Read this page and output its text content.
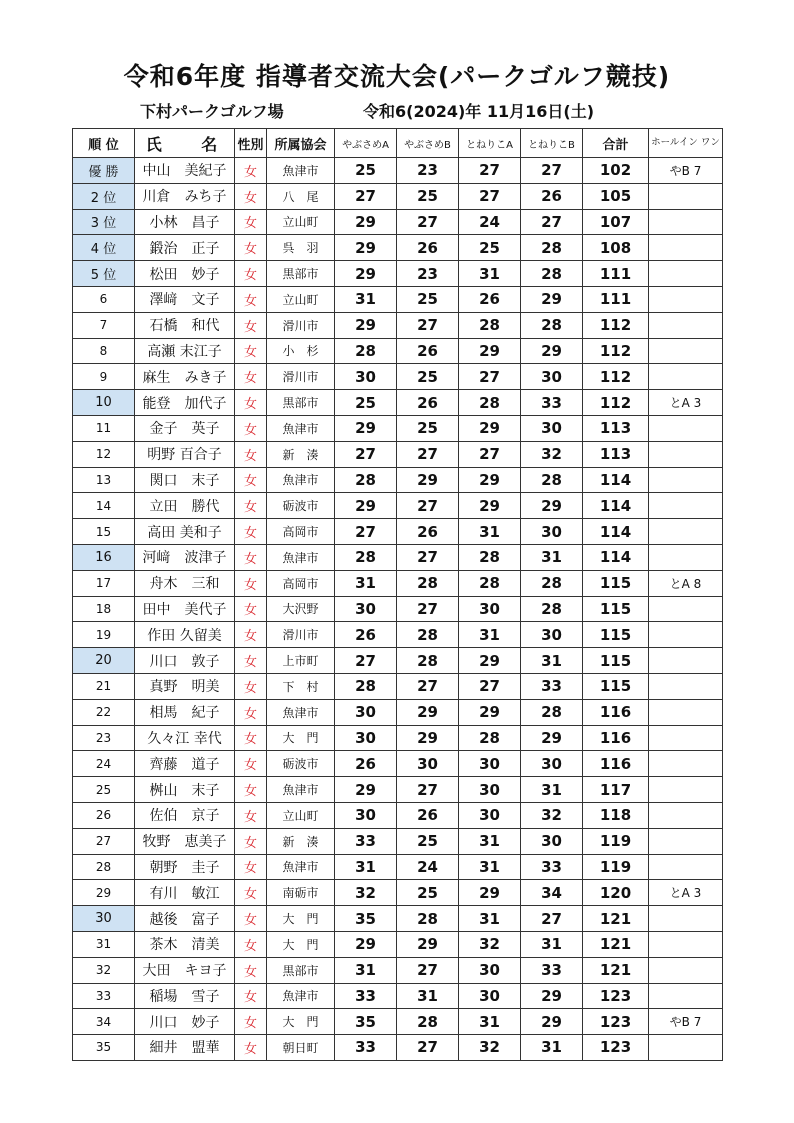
令和6年度 指導者交流大会(パークゴルフ競技)
下村パークゴルフ場	令和6(2024)年 11月16日(土)
順 位	氏　 名	性別	所属協会	やぶさめA	やぶさめB	とねりこA	とねりこB	合計	ホールイン ワン
優 勝	中山　美紀子	女	魚津市	25	23	27	27	102	やB 7
2 位	川倉　みち子	女	八　尾	27	25	27	26	105	
3 位	小林　昌子	女	立山町	29	27	24	27	107	
4 位	鍛治　正子	女	呉　羽	29	26	25	28	108	
5 位	松田　妙子	女	黒部市	29	23	31	28	111	
6	澤﨑　文子	女	立山町	31	25	26	29	111	
7	石橋　和代	女	滑川市	29	27	28	28	112	
8	高瀬 末江子	女	小　杉	28	26	29	29	112	
9	麻生　みき子	女	滑川市	30	25	27	30	112	
10	能登　加代子	女	黒部市	25	26	28	33	112	とA 3
11	金子　英子	女	魚津市	29	25	29	30	113	
12	明野 百合子	女	新　湊	27	27	27	32	113	
13	関口　末子	女	魚津市	28	29	29	28	114	
14	立田　勝代	女	砺波市	29	27	29	29	114	
15	高田 美和子	女	高岡市	27	26	31	30	114	
16	河﨑　波津子	女	魚津市	28	27	28	31	114	
17	舟木　三和	女	高岡市	31	28	28	28	115	とA 8
18	田中　美代子	女	大沢野	30	27	30	28	115	
19	作田 久留美	女	滑川市	26	28	31	30	115	
20	川口　敦子	女	上市町	27	28	29	31	115	
21	真野　明美	女	下　村	28	27	27	33	115	
22	相馬　紀子	女	魚津市	30	29	29	28	116	
23	久々江 幸代	女	大　門	30	29	28	29	116	
24	齊藤　道子	女	砺波市	26	30	30	30	116	
25	桝山　末子	女	魚津市	29	27	30	31	117	
26	佐伯　京子	女	立山町	30	26	30	32	118	
27	牧野　恵美子	女	新　湊	33	25	31	30	119	
28	朝野　圭子	女	魚津市	31	24	31	33	119	
29	有川　敏江	女	南砺市	32	25	29	34	120	とA 3
30	越後　富子	女	大　門	35	28	31	27	121	
31	茶木　清美	女	大　門	29	29	32	31	121	
32	大田　キヨ子	女	黒部市	31	27	30	33	121	
33	稲場　雪子	女	魚津市	33	31	30	29	123	
34	川口　妙子	女	大　門	35	28	31	29	123	やB 7
35	細井　盟華	女	朝日町	33	27	32	31	123	
